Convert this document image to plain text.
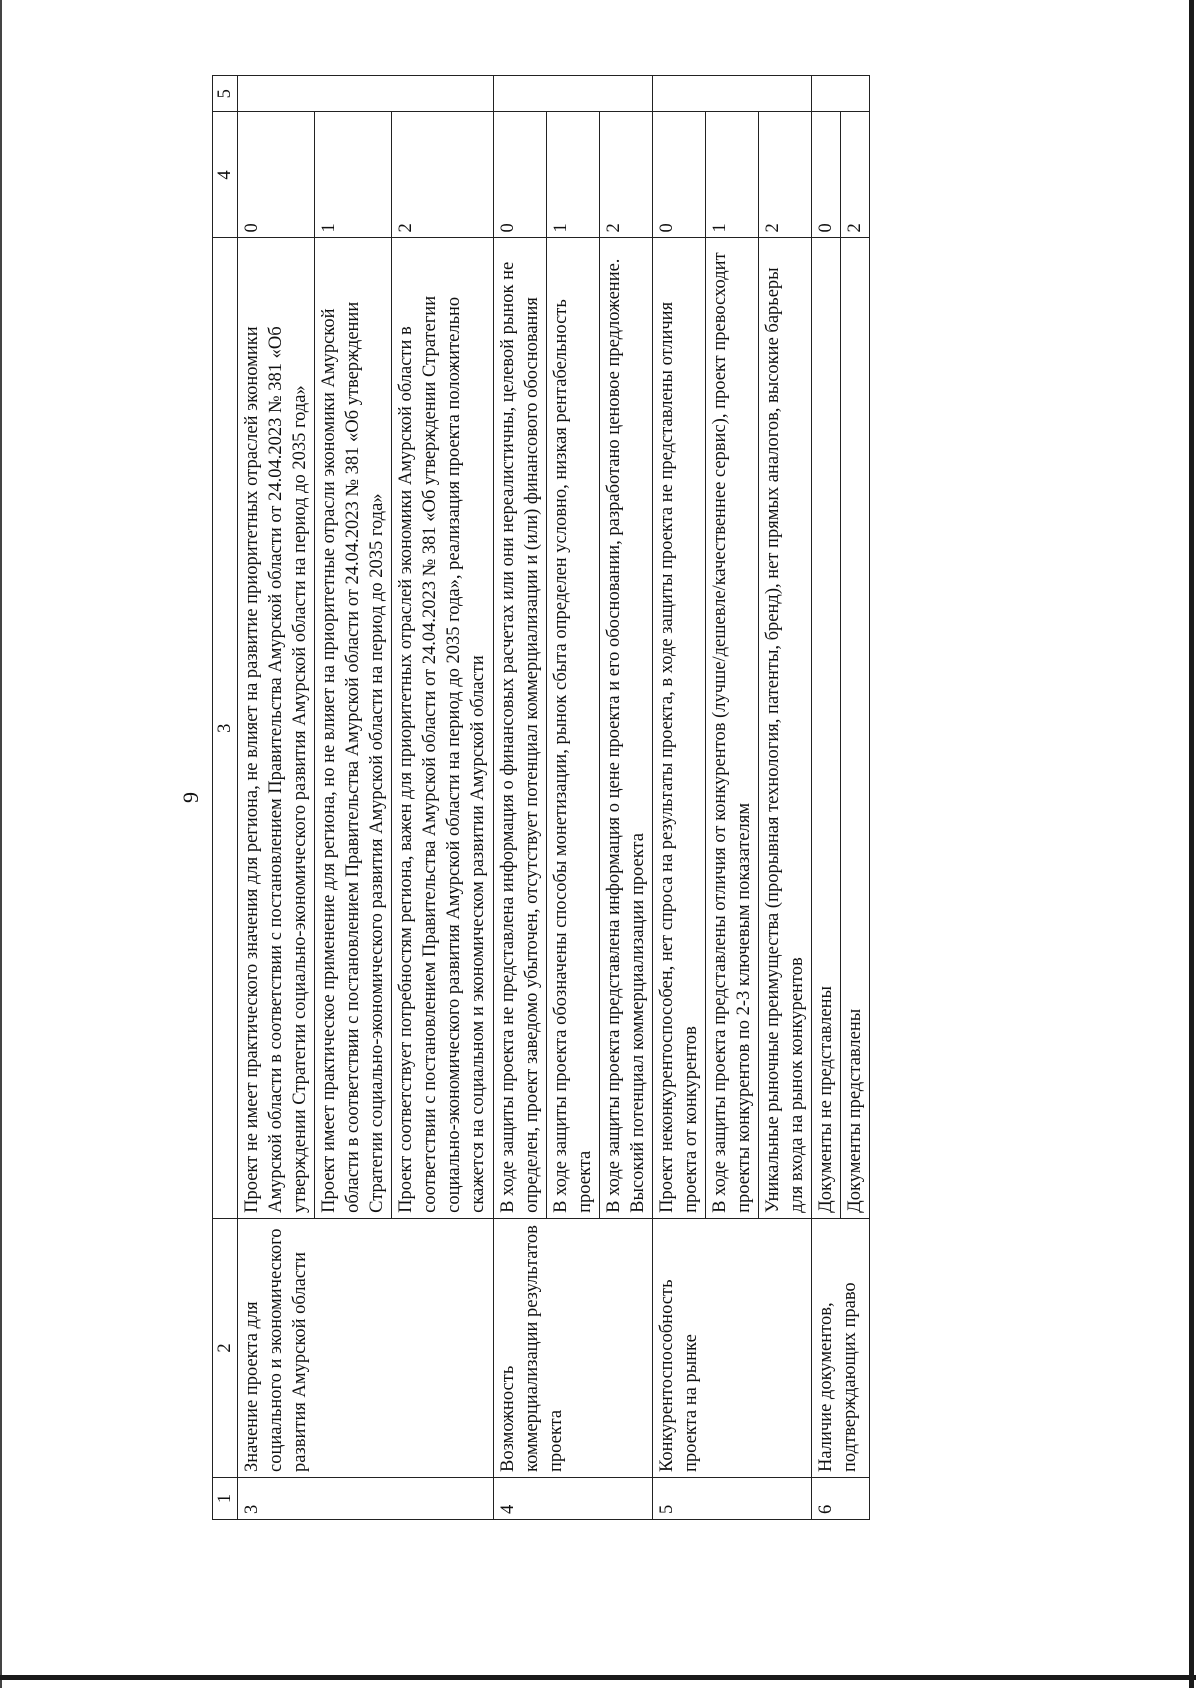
9
1	2	3	4	5
3	Значение проекта для социального и экономического развития Амурской области	Проект не имеет практического значения для региона, не влияет на развитие приоритетных отраслей экономики Амурской области в соответствии с постановлением Правительства Амурской области от 24.04.2023 № 381 «Об утверждении Стратегии социально-экономического развития Амурской области на период до 2035 года»	0	
		Проект имеет практическое применение для региона, но не влияет на приоритетные отрасли экономики Амурской области в соответствии с постановлением Правительства Амурской области от 24.04.2023 № 381 «Об утверждении Стратегии социально-экономического развития Амурской области на период до 2035 года»	1	
		Проект соответствует потребностям региона, важен для приоритетных отраслей экономики Амурской области в соответствии с постановлением Правительства Амурской области от 24.04.2023 № 381 «Об утверждении Стратегии социально-экономического развития Амурской области на период до 2035 года», реализация проекта положительно скажется на социальном и экономическом развитии Амурской области	2	
4	Возможность коммерциализации результатов проекта	В ходе защиты проекта не представлена информация о финансовых расчетах или они нереалистичны, целевой рынок не определен, проект заведомо убыточен, отсутствует потенциал коммерциализации и (или) финансового обоснования	0	
		В ходе защиты проекта обозначены способы монетизации, рынок сбыта определен условно, низкая рентабельность проекта	1	
		В ходе защиты проекта представлена информация о цене проекта и его обосновании, разработано ценовое предложение. Высокий потенциал коммерциализации проекта	2	
5	Конкурентоспособность проекта на рынке	Проект неконкурентоспособен, нет спроса на результаты проекта, в ходе защиты проекта не представлены отличия проекта от конкурентов	0	
		В ходе защиты проекта представлены отличия от конкурентов (лучше/дешевле/качественнее сервис), проект превосходит проекты конкурентов по 2-3 ключевым показателям	1	
		Уникальные рыночные преимущества (прорывная технология, патенты, бренд), нет прямых аналогов, высокие барьеры для входа на рынок конкурентов	2	
6	Наличие документов, подтверждающих право	Документы не представлены	0	
		Документы представлены	2	
